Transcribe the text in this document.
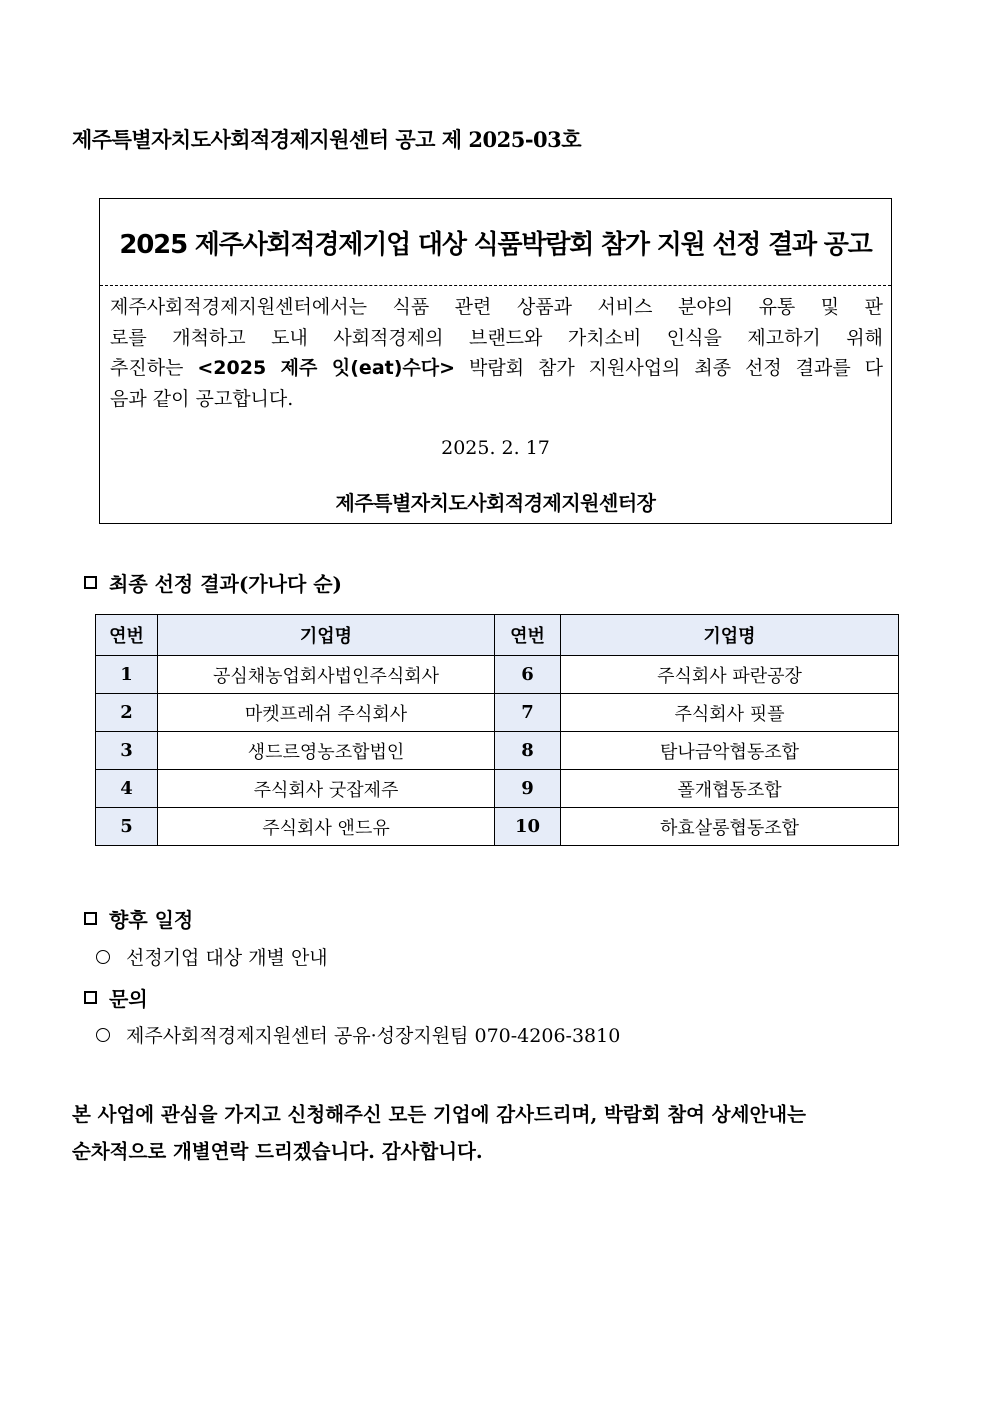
제주특별자치도사회적경제지원센터 공고 제 2025-03호
2025 제주사회적경제기업 대상 식품박람회 참가 지원 선정 결과 공고
제주사회적경제지원센터에서는 식품 관련 상품과 서비스 분야의 유통 및 판
로를 개척하고 도내 사회적경제의 브랜드와 가치소비 인식을 제고하기 위해
추진하는 <2025 제주 잇(eat)수다> 박람회 참가 지원사업의 최종 선정 결과를 다
음과 같이 공고합니다.
2025. 2. 17
제주특별자치도사회적경제지원센터장
최종 선정 결과(가나다 순)
연번	기업명	연번	기업명
1	공심채농업회사법인주식회사	6	주식회사 파란공장
2	마켓프레쉬 주식회사	7	주식회사 핏플
3	생드르영농조합법인	8	탐나금악협동조합
4	주식회사 굿잡제주	9	폴개협동조합
5	주식회사 앤드유	10	하효살롱협동조합
향후 일정
선정기업 대상 개별 안내
문의
제주사회적경제지원센터 공유·성장지원팀 070-4206-3810
본 사업에 관심을 가지고 신청해주신 모든 기업에 감사드리며, 박람회 참여 상세안내는
순차적으로 개별연락 드리겠습니다. 감사합니다.
